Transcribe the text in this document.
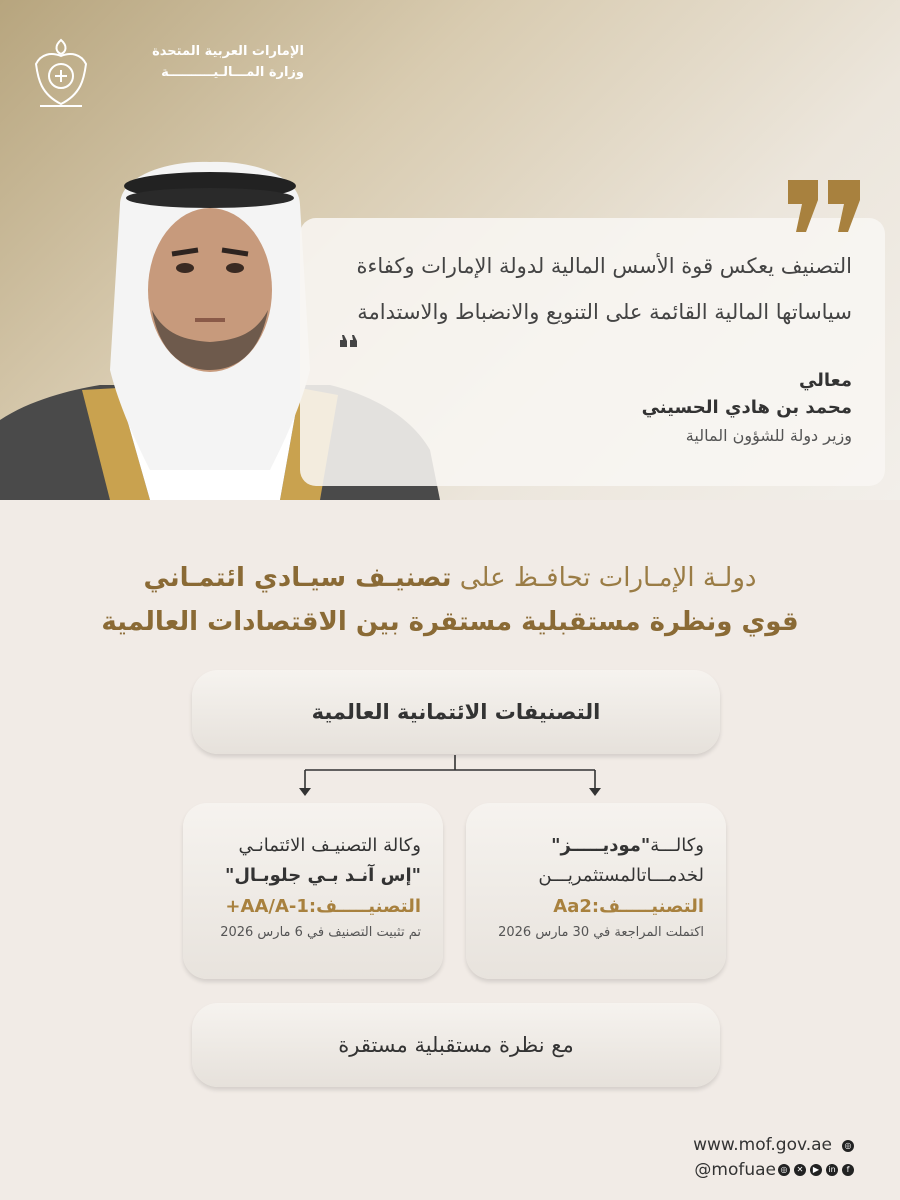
الإمارات العربية المتحدة
وزارة المـــالـيــــــــــة
التصنيف يعكس قوة الأسس المالية لدولة الإمارات وكفاءة
سياساتها المالية القائمة على التنويع والانضباط والاستدامة
معالي
محمد بن هادي الحسيني
وزير دولة للشؤون المالية
دولـة الإمـارات تحافـظ على تصنيـف سيـادي ائتمـاني
قوي ونظرة مستقبلية مستقرة بين الاقتصادات العالمية
التصنيفات الائتمانية العالمية
وكالـــة"موديـــــز"
لخدمـــاتالمستثمريـــن
التصنيـــــف:Aa2
اكتملت المراجعة في 30 مارس 2026
وكالة التصنيـف الائتمانـي
"إس آنـد بـي جلوبـال"
التصنيـــــف:AA/A-1+
تم تثبيت التصنيف في 6 مارس 2026
مع نظرة مستقبلية مستقرة
www.mof.gov.ae	◎
@mofuae ◎	✕	▶	in	f
